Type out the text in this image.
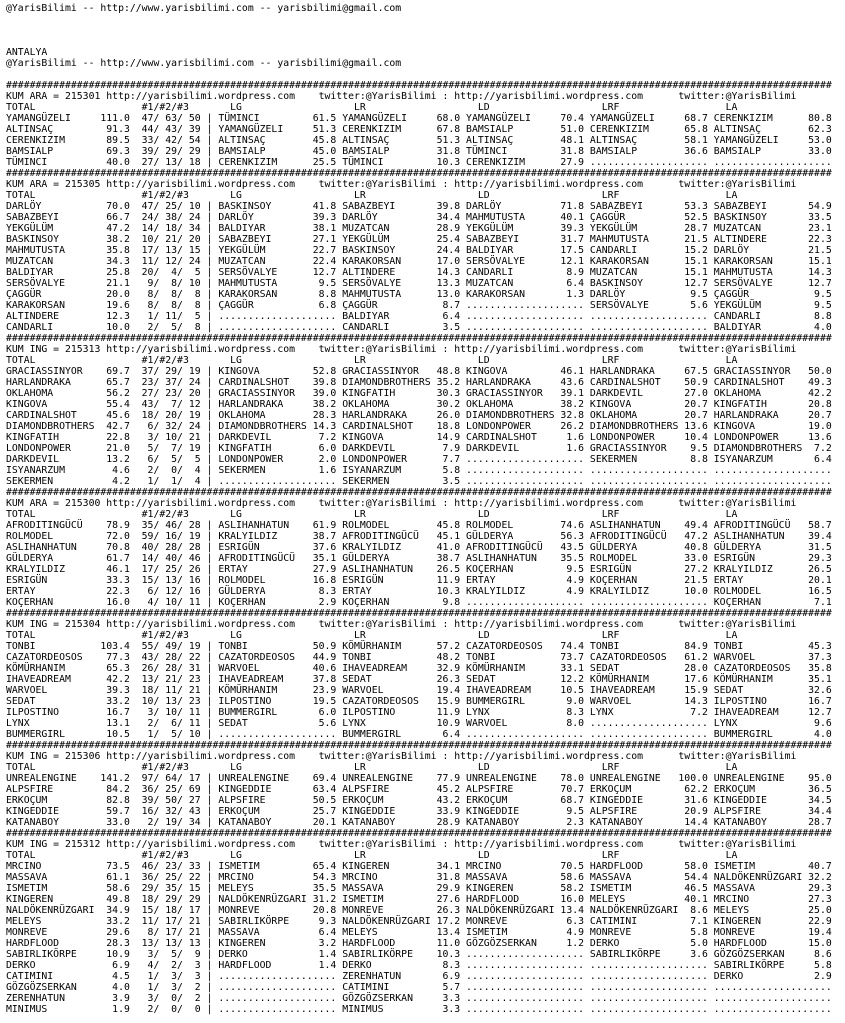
@YarisBilimi -- http://www.yarisbilimi.com -- yarisbilimi@gmail.com

ANTALYA
@YarisBilimi -- http://www.yarisbilimi.com -- yarisbilimi@gmail.com

############################################################################################################################################
KUM ARA = 215301 http://yarisbilimi.wordpress.com    twitter:@YarisBilimi : http://yarisbilimi.wordpress.com      twitter:@YarisBilimi
TOTAL                  #1/#2/#3       LG                   LR                   LD                   LRF                  LA
YAMANGÜZELI     111.0  47/ 63/ 50 | TÜMINCI         61.5 YAMANGÜZELI     68.0 YAMANGÜZELI     70.4 YAMANGÜZELI     68.7 CERENKIZIM      80.8
ALTINSAÇ         91.3  44/ 43/ 39 | YAMANGÜZELI     51.3 CERENKIZIM      67.8 BAMSIALP        51.0 CERENKIZIM      65.8 ALTINSAÇ        62.3
CERENKIZIM       89.5  33/ 42/ 54 | ALTINSAÇ        45.8 ALTINSAÇ        51.3 ALTINSAÇ        48.1 ALTINSAÇ        58.1 YAMANGÜZELI     53.0
BAMSIALP         69.3  39/ 29/ 29 | BAMSIALP        45.0 BAMSIALP        31.8 TÜMINCI         31.8 BAMSIALP        36.6 BAMSIALP        33.0
TÜMINCI          40.0  27/ 13/ 18 | CERENKIZIM      25.5 TÜMINCI         10.3 CERENKIZIM      27.9 .................... ....................
############################################################################################################################################
KUM ARA = 215305 http://yarisbilimi.wordpress.com    twitter:@YarisBilimi : http://yarisbilimi.wordpress.com      twitter:@YarisBilimi
TOTAL                  #1/#2/#3       LG                   LR                   LD                   LRF                  LA
DARLÖY           70.0  47/ 25/ 10 | BASKINSOY       41.8 SABAZBEYI       39.8 DARLÖY          71.8 SABAZBEYI       53.3 SABAZBEYI       54.9
SABAZBEYI        66.7  24/ 38/ 24 | DARLÖY          39.3 DARLÖY          34.4 MAHMUTUSTA      40.1 ÇAGGÜR          52.5 BASKINSOY       33.5
YEKGÜLÜM         47.2  14/ 18/ 34 | BALDIYAR        38.1 MUZATCAN        28.9 YEKGÜLÜM        39.3 YEKGÜLÜM        28.7 MUZATCAN        23.1
BASKINSOY        38.2  10/ 21/ 20 | SABAZBEYI       27.1 YEKGÜLÜM        25.4 SABAZBEYI       31.7 MAHMUTUSTA      21.5 ALTINDERE       22.3
MAHMUTUSTA       35.8  17/ 13/ 15 | YEKGÜLÜM        22.7 BASKINSOY       24.4 BALDIYAR        17.5 CANDARLI        15.2 DARLÖY          21.5
MUZATCAN         34.3  11/ 12/ 24 | MUZATCAN        22.4 KARAKORSAN      17.0 SERSÖVALYE      12.1 KARAKORSAN      15.1 KARAKORSAN      15.1
BALDIYAR         25.8  20/  4/  5 | SERSÖVALYE      12.7 ALTINDERE       14.3 CANDARLI         8.9 MUZATCAN        15.1 MAHMUTUSTA      14.3
SERSÖVALYE       21.1   9/  8/ 10 | MAHMUTUSTA       9.5 SERSÖVALYE      13.3 MUZATCAN         6.4 BASKINSOY       12.7 SERSÖVALYE      12.7
ÇAGGÜR           20.0   8/  8/  8 | KARAKORSAN       8.8 MAHMUTUSTA      13.0 KARAKORSAN       1.3 DARLÖY           9.5 ÇAGGÜR           9.5
KARAKORSAN       19.6   8/  8/  8 | ÇAGGÜR           6.8 ÇAGGÜR           8.7 .................... SERSÖVALYE       5.6 YEKGÜLÜM         9.5
ALTINDERE        12.3   1/ 11/  5 | .................... BALDIYAR         6.4 .................... .................... CANDARLI         8.8
CANDARLI         10.0   2/  5/  8 | .................... CANDARLI         3.5 .................... .................... BALDIYAR         4.0
############################################################################################################################################
KUM ING = 215313 http://yarisbilimi.wordpress.com    twitter:@YarisBilimi : http://yarisbilimi.wordpress.com      twitter:@YarisBilimi
TOTAL                  #1/#2/#3       LG                   LR                   LD                   LRF                  LA
GRACIASSINYOR    69.7  37/ 29/ 19 | KINGOVA         52.8 GRACIASSINYOR   48.8 KINGOVA         46.1 HARLANDRAKA     67.5 GRACIASSINYOR   50.0
HARLANDRAKA      65.7  23/ 37/ 24 | CARDINALSHOT    39.8 DIAMONDBROTHERS 35.2 HARLANDRAKA     43.6 CARDINALSHOT    50.9 CARDINALSHOT    49.3
OKLAHOMA         56.2  27/ 23/ 20 | GRACIASSINYOR   39.0 KINGFATIH       30.3 GRACIASSINYOR   39.1 DARKDEVIL       27.0 OKLAHOMA        42.2
KINGOVA          55.4  43/  7/ 12 | HARLANDRAKA     38.2 OKLAHOMA        30.2 OKLAHOMA        38.2 KINGOVA         20.7 KINGFATIH       20.8
CARDINALSHOT     45.6  18/ 20/ 19 | OKLAHOMA        28.3 HARLANDRAKA     26.0 DIAMONDBROTHERS 32.8 OKLAHOMA        20.7 HARLANDRAKA     20.7
DIAMONDBROTHERS  42.7   6/ 32/ 24 | DIAMONDBROTHERS 14.3 CARDINALSHOT    18.8 LONDONPOWER     26.2 DIAMONDBROTHERS 13.6 KINGOVA         19.0
KINGFATIH        22.8   3/ 10/ 21 | DARKDEVIL        7.2 KINGOVA         14.9 CARDINALSHOT     1.6 LONDONPOWER     10.4 LONDONPOWER     13.6
LONDONPOWER      21.0   5/  7/ 19 | KINGFATIH        6.0 DARKDEVIL        7.9 DARKDEVIL        1.6 GRACIASSINYOR    9.5 DIAMONDBROTHERS  7.2
DARKDEVIL        13.2   6/  5/  5 | LONDONPOWER      2.0 LONDONPOWER      7.7 .................... SEKERMEN         8.8 ISYANARZUM       6.4
ISYANARZUM        4.6   2/  0/  4 | SEKERMEN         1.6 ISYANARZUM       5.8 .................... .................... ....................
SEKERMEN          4.2   1/  1/  4 | .................... SEKERMEN         3.5 .................... .................... ....................
############################################################################################################################################
KUM ARA = 215300 http://yarisbilimi.wordpress.com    twitter:@YarisBilimi : http://yarisbilimi.wordpress.com      twitter:@YarisBilimi
TOTAL                  #1/#2/#3       LG                   LR                   LD                   LRF                  LA
AFRODITINGÜCÜ    78.9  35/ 46/ 28 | ASLIHANHATUN    61.9 ROLMODEL        45.8 ROLMODEL        74.6 ASLIHANHATUN    49.4 AFRODITINGÜCÜ   58.7
ROLMODEL         72.0  59/ 16/ 19 | KRALYILDIZ      38.7 AFRODITINGÜCÜ   45.1 GÜLDERYA        56.3 AFRODITINGÜCÜ   47.2 ASLIHANHATUN    39.4
ASLIHANHATUN     70.8  40/ 28/ 28 | ESRIGÜN         37.6 KRALYILDIZ      41.0 AFRODITINGÜCÜ   43.5 GÜLDERYA        40.8 GÜLDERYA        31.5
GÜLDERYA         61.7  14/ 40/ 46 | AFRODITINGÜCÜ   35.1 GÜLDERYA        38.7 ASLIHANHATUN    35.5 ROLMODEL        33.0 ESRIGÜN         29.3
KRALYILDIZ       46.1  17/ 25/ 26 | ERTAY           27.9 ASLIHANHATUN    26.5 KOÇERHAN         9.5 ESRIGÜN         27.2 KRALYILDIZ      26.5
ESRIGÜN          33.3  15/ 13/ 16 | ROLMODEL        16.8 ESRIGÜN         11.9 ERTAY            4.9 KOÇERHAN        21.5 ERTAY           20.1
ERTAY            22.3   6/ 12/ 16 | GÜLDERYA         8.3 ERTAY           10.3 KRALYILDIZ       4.9 KRALYILDIZ      10.0 ROLMODEL        16.5
KOÇERHAN         16.0   4/ 10/ 11 | KOÇERHAN         2.9 KOÇERHAN         9.8 .................... .................... KOÇERHAN         7.1
############################################################################################################################################
KUM ING = 215304 http://yarisbilimi.wordpress.com    twitter:@YarisBilimi : http://yarisbilimi.wordpress.com      twitter:@YarisBilimi
TOTAL                  #1/#2/#3       LG                   LR                   LD                   LRF                  LA
TONBI           103.4  55/ 49/ 19 | TONBI           50.9 KÖMÜRHANIM      57.2 CAZATORDEOSOS   74.4 TONBI           84.9 TONBI           45.3
CAZATORDEOSOS    77.3  43/ 28/ 22 | CAZATORDEOSOS   44.9 TONBI           48.2 TONBI           73.7 CAZATORDEOSOS   61.2 WARVOEL         37.3
KÖMÜRHANIM       65.3  26/ 28/ 31 | WARVOEL         40.6 IHAVEADREAM     32.9 KÖMÜRHANIM      33.1 SEDAT           28.0 CAZATORDEOSOS   35.8
IHAVEADREAM      42.2  13/ 21/ 23 | IHAVEADREAM     37.8 SEDAT           26.3 SEDAT           12.2 KÖMÜRHANIM      17.6 KÖMÜRHANIM      35.1
WARVOEL          39.3  18/ 11/ 21 | KÖMÜRHANIM      23.9 WARVOEL         19.4 IHAVEADREAM     10.5 IHAVEADREAM     15.9 SEDAT           32.6
SEDAT            33.2  10/ 13/ 23 | ILPOSTINO       19.5 CAZATORDEOSOS   15.9 BUMMERGIRL       9.0 WARVOEL         14.3 ILPOSTINO       16.7
ILPOSTINO        16.7   3/ 10/ 11 | BUMMERGIRL       6.0 ILPOSTINO       11.9 LYNX             8.3 LYNX             7.2 IHAVEADREAM     12.7
LYNX             13.1   2/  6/ 11 | SEDAT            5.6 LYNX            10.9 WARVOEL          8.0 .................... LYNX             9.6
BUMMERGIRL       10.5   1/  5/ 10 | .................... BUMMERGIRL       6.4 .................... .................... BUMMERGIRL       4.0
############################################################################################################################################
KUM ING = 215306 http://yarisbilimi.wordpress.com    twitter:@YarisBilimi : http://yarisbilimi.wordpress.com      twitter:@YarisBilimi
TOTAL                  #1/#2/#3       LG                   LR                   LD                   LRF                  LA
UNREALENGINE    141.2  97/ 64/ 17 | UNREALENGINE    69.4 UNREALENGINE    77.9 UNREALENGINE    78.0 UNREALENGINE   100.0 UNREALENGINE    95.0
ALPSFIRE         84.2  36/ 25/ 69 | KINGEDDIE       63.4 ALPSFIRE        45.2 ALPSFIRE        70.7 ERKOÇUM         62.2 ERKOÇUM         36.5
ERKOÇUM          82.8  39/ 50/ 27 | ALPSFIRE        50.5 ERKOÇUM         43.2 ERKOÇUM         68.7 KINGEDDIE       31.6 KINGEDDIE       34.5
KINGEDDIE        59.7  16/ 32/ 43 | ERKOÇUM         25.7 KINGEDDIE       33.9 KINGEDDIE        9.5 ALPSFIRE        20.9 ALPSFIRE        34.4
KATANABOY        33.0   2/ 19/ 34 | KATANABOY       20.1 KATANABOY       28.9 KATANABOY        2.3 KATANABOY       14.4 KATANABOY       28.7
############################################################################################################################################
KUM ING = 215312 http://yarisbilimi.wordpress.com    twitter:@YarisBilimi : http://yarisbilimi.wordpress.com      twitter:@YarisBilimi
TOTAL                  #1/#2/#3       LG                   LR                   LD                   LRF                  LA
MRCINO           73.5  46/ 23/ 33 | ISMETIM         65.4 KINGEREN        34.1 MRCINO          70.5 HARDFLOOD       58.0 ISMETIM         40.7
MASSAVA          61.1  36/ 25/ 22 | MRCINO          54.3 MRCINO          31.8 MASSAVA         58.6 MASSAVA         54.4 NALDÖKENRÜZGARI 32.2
ISMETIM          58.6  29/ 35/ 15 | MELEYS          35.5 MASSAVA         29.9 KINGEREN        58.2 ISMETIM         46.5 MASSAVA         29.3
KINGEREN         49.8  18/ 29/ 29 | NALDÖKENRÜZGARI 31.2 ISMETIM         27.6 HARDFLOOD       16.0 MELEYS          40.1 MRCINO          27.3
NALDÖKENRÜZGARI  34.9  15/ 18/ 17 | MONREVE         20.8 MONREVE         26.3 NALDÖKENRÜZGARI 13.4 NALDÖKENRÜZGARI  8.6 MELEYS          25.0
MELEYS           33.2  11/ 17/ 21 | SABIRLIKÖRPE     9.3 NALDÖKENRÜZGARI 17.2 MONREVE          6.3 CATIMINI         7.1 KINGEREN        22.9
MONREVE          29.6   8/ 17/ 21 | MASSAVA          6.4 MELEYS          13.4 ISMETIM          4.9 MONREVE          5.8 MONREVE         19.4
HARDFLOOD        28.3  13/ 13/ 13 | KINGEREN         3.2 HARDFLOOD       11.0 GÖZGÖZSERKAN     1.2 DERKO            5.0 HARDFLOOD       15.0
SABIRLIKÖRPE     10.9   3/  5/  9 | DERKO            1.4 SABIRLIKÖRPE    10.3 .................... SABIRLIKÖRPE     3.6 GÖZGÖZSERKAN     8.6
DERKO             6.9   4/  2/  3 | HARDFLOOD        1.4 DERKO            8.3 .................... .................... SABIRLIKÖRPE     5.8
CATIMINI          4.5   1/  3/  3 | .................... ZERENHATUN       6.9 .................... .................... DERKO            2.9
GÖZGÖZSERKAN      4.0   1/  3/  2 | .................... CATIMINI         5.7 .................... .................... ....................
ZERENHATUN        3.9   3/  0/  2 | .................... GÖZGÖZSERKAN     3.3 .................... .................... ....................
MINIMUS           1.9   2/  0/  0 | .................... MINIMUS          3.3 .................... .................... ....................
